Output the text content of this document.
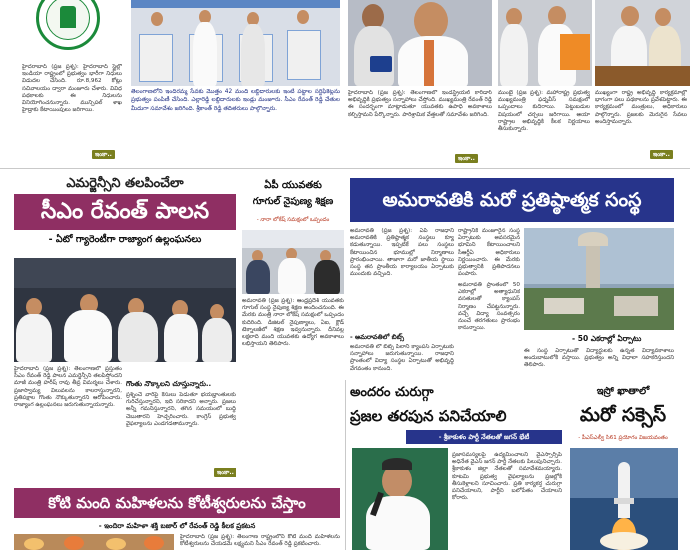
హైదరాబాద్ (ప్రజ ప్రశ్న): హైదరాబాద్ స్టైల్లో ఇండియా రాష్ట్రంలో ప్రభుత్వం భారీగా నిధులు విడుదల చేసింది. రూ.8,962 కోట్లు సచివాలయం ద్వారా మంజూరు చేశారు. వివిధ పథకాలకు ఈ నిధులను వినియోగించనున్నారు. మున్సిపల్ శాఖ హైడ్రాకు కేటాయింపులు జరిగాయి.
ఇంకా..
తెలంగాణలోని ఇందిరమ్మ సేవకు మొత్తం 42 మంది లబ్దిదారులకు ఇంటి పట్టాల సర్టిఫికెట్లను ప్రభుత్వం పంపిణీ చేసింది. ఎల్లారెడ్డి లబ్దిదారులకు ఇండ్లు మంజూరు. సీఎం రేవంత్ రెడ్డి చేతుల మీదుగా సమావేశం జరిగింది. శ్రీకాంత్ రెడ్డి తదితరులు పాల్గొన్నారు.
హైదరాబాద్ (ప్రజ ప్రశ్న): తెలంగాణలో ఇండస్ట్రియల్ కారిడార్ అభివృద్ధికి ప్రభుత్వం సన్నాహాలు చేస్తోంది. ముఖ్యమంత్రి రేవంత్ రెడ్డి ఈ సందర్భంగా మాట్లాడుతూ యువతకు ఉపాధి అవకాశాలు కల్పిస్తామని పేర్కొన్నారు. పారిశ్రామిక వేత్తలతో సమావేశం జరిగింది.
ఇంకా..
ముంబై (ప్రజ ప్రశ్న): మహారాష్ట్ర ప్రభుత్వ ముఖ్యమంత్రి ఫడ్నవీస్ సమక్షంలో ఒప్పందాలు కుదిరాయి. పెట్టుబడుల విషయంలో చర్చలు జరిగాయి. ఆయా రాష్ట్రాల అభివృద్ధికి కీలక నిర్ణయాలు తీసుకున్నారు.
ముఖ్యంగా రాష్ట్ర అభివృద్ధి కార్యక్రమాల్లో భాగంగా పలు పథకాలను ప్రవేశపెట్టారు. ఈ కార్యక్రమంలో మంత్రులు, అధికారులు పాల్గొన్నారు. ప్రజలకు మెరుగైన సేవలు అందిస్తామన్నారు.
ఇంకా..
ఎమర్జెన్సీని తలపించేలా
సీఎం రేవంత్ పాలన
- ఏటో గ్యారెంటీగా రాజ్యాంగ ఉల్లంఘనలు
హైదరాబాద్ (ప్రజ ప్రశ్న): తెలంగాణలో ప్రస్తుతం సీఎం రేవంత్ రెడ్డి పాలన ఎమర్జెన్సీని తలపిస్తోందని మాజీ మంత్రి హరీష్ రావు తీవ్ర విమర్శలు చేశారు. ప్రజాస్వామ్య విలువలను కాలరాస్తున్నారని, ప్రతిపక్షాల గొంతు నొక్కుతున్నారని ఆరోపించారు. రాజ్యాంగ ఉల్లంఘనలు జరుగుతున్నాయన్నారు.
గొంతు నొక్కాలని చూస్తున్నారు..
ప్రశ్నించే వారిపై కేసులు పెడుతూ భయభ్రాంతులకు గురిచేస్తున్నారని, ఇది సరికాదని అన్నారు. ప్రజలు అన్నీ గమనిస్తున్నారని, తగిన సమయంలో బుద్ధి చెబుతారని హెచ్చరించారు. కాంగ్రెస్ ప్రభుత్వ వైఫల్యాలను ఎండగడతామన్నారు.
ఇంకా..
ఏపీ యువతకు
గూగుల్ నైపుణ్య శిక్షణ
- నారా లోకేష్ సమక్షంలో ఒప్పందం
అమరావతి (ప్రజ ప్రశ్న): ఆంధ్రప్రదేశ్ యువతకు గూగుల్ సంస్థ నైపుణ్య శిక్షణ అందించనుంది. ఈ మేరకు మంత్రి నారా లోకేష్ సమక్షంలో ఒప్పందం కుదిరింది. డిజిటల్ నైపుణ్యాలు, ఏఐ, క్లౌడ్ టెక్నాలజీలో శిక్షణ ఇవ్వనున్నారు. దీనివల్ల లక్షలాది మంది యువతకు ఉద్యోగ అవకాశాలు లభిస్తాయని తెలిపారు.
అమరావతికి మరో ప్రతిష్ఠాత్మక సంస్థ
అమరావతి (ప్రజ ప్రశ్న): ఏపీ రాజధాని అమరావతికి ప్రతిష్ఠాత్మక సంస్థలు క్యూ కడుతున్నాయి. ఇప్పటికే పలు సంస్థలు కేటాయించిన భూముల్లో నిర్మాణాలు ప్రారంభించాయి. తాజాగా మరో జాతీయ స్థాయి సంస్థ తన ప్రాంతీయ కార్యాలయం ఏర్పాటుకు ముందుకు వచ్చింది.
- అమరావతిలో బిట్స్
అమరావతి లో బిట్స్ పిలానీ క్యాంపస్ ఏర్పాటుకు సన్నాహాలు జరుగుతున్నాయి. రాజధాని ప్రాంతంలో విద్యా సంస్థల ఏర్పాటుతో అభివృద్ధి వేగవంతం కానుంది.
రాష్ట్రానికి మంజూరైన సంస్థ ఏర్పాటుకు అవసరమైన భూమిని కేటాయించాలని సీఆర్డీఏ అధికారులు నిర్ణయించారు. ఈ మేరకు ప్రభుత్వానికి ప్రతిపాదనలు పంపారు.
అమరావతి ప్రాంతంలో 50 ఎకరాల్లో అత్యాధునిక వసతులతో క్యాంపస్ నిర్మాణం చేపట్టనున్నారు. వచ్చే విద్యా సంవత్సరం నుంచే తరగతులు ప్రారంభం కానున్నాయి.
- 50 ఎకరాల్లో ఏర్పాటు
ఈ సంస్థ ఏర్పాటుతో విద్యార్థులకు ఉన్నత విద్యావకాశాలు అందుబాటులోకి వస్తాయి. ప్రభుత్వం అన్ని విధాలా సహకరిస్తుందని తెలిపారు.
అందరం చురుగ్గా
ప్రజల తరపున పనిచేయాలి
- శ్రీకాకుళం పార్టీ నేతలతో జగన్ భేటీ
ప్రజాసమస్యలపై ఉద్యమించాలని వైఎస్సార్సీపీ అధినేత వైఎస్ జగన్ పార్టీ నేతలకు పిలుపునిచ్చారు. శ్రీకాకుళం జిల్లా నేతలతో సమావేశమయ్యారు. కూటమి ప్రభుత్వ వైఫల్యాలను ప్రజల్లోకి తీసుకెళ్లాలని సూచించారు. ప్రతి కార్యకర్త చురుగ్గా పనిచేయాలని, పార్టీని బలోపేతం చేయాలని కోరారు.
ఇస్రో ఖాతాలో
మరో సక్సెస్
- పీఎస్ఎల్వీ సి61 ప్రయోగం విజయవంతం
కోటి మంది మహిళలను కోటీశ్వరులను చేస్తాం
- ఇందిరా మహిళా శక్తి బజార్ లో రేవంత్ రెడ్డి కీలక ప్రకటన
హైదరాబాద్ (ప్రజ ప్రశ్న): తెలంగాణ రాష్ట్రంలోని కోటి మంది మహిళలను కోటీశ్వరులను చేయడమే లక్ష్యమని సీఎం రేవంత్ రెడ్డి ప్రకటించారు.
